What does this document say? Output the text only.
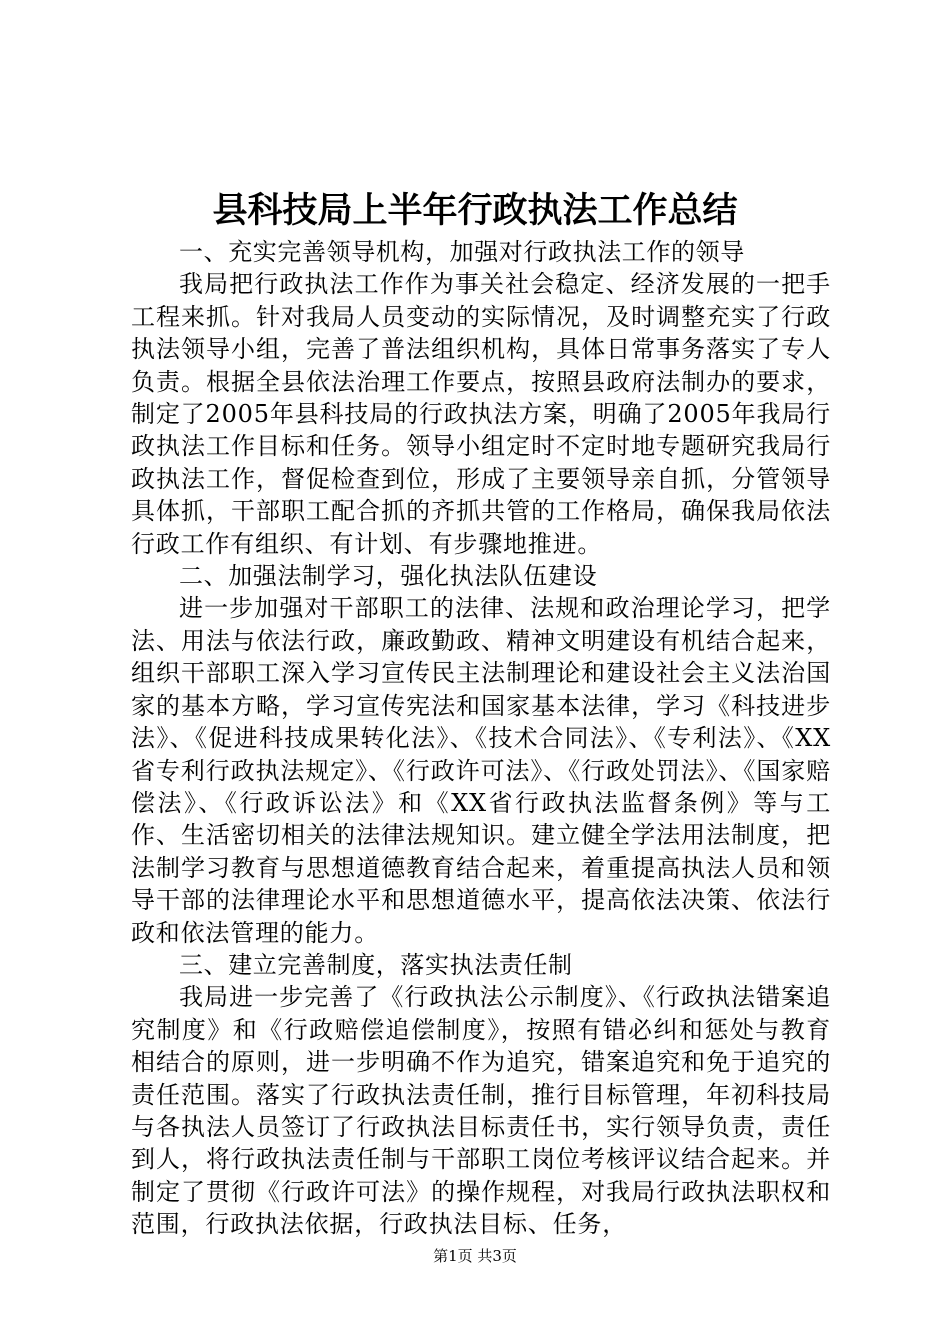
县科技局上半年行政执法工作总结

一、充实完善领导机构，加强对行政执法工作的领导

我局把行政执法工作作为事关社会稳定、经济发展的一把手工程来抓。针对我局人员变动的实际情况，及时调整充实了行政执法领导小组，完善了普法组织机构，具体日常事务落实了专人负责。根据全县依法治理工作要点，按照县政府法制办的要求，制定了2005年县科技局的行政执法方案，明确了2005年我局行政执法工作目标和任务。领导小组定时不定时地专题研究我局行政执法工作，督促检查到位，形成了主要领导亲自抓，分管领导具体抓，干部职工配合抓的齐抓共管的工作格局，确保我局依法行政工作有组织、有计划、有步骤地推进。

二、加强法制学习，强化执法队伍建设

进一步加强对干部职工的法律、法规和政治理论学习，把学法、用法与依法行政，廉政勤政、精神文明建设有机结合起来，组织干部职工深入学习宣传民主法制理论和建设社会主义法治国家的基本方略，学习宣传宪法和国家基本法律，学习《科技进步法》、《促进科技成果转化法》、《技术合同法》、《专利法》、《XX省专利行政执法规定》、《行政许可法》、《行政处罚法》、《国家赔偿法》、《行政诉讼法》和《XX省行政执法监督条例》等与工作、生活密切相关的法律法规知识。建立健全学法用法制度，把法制学习教育与思想道德教育结合起来，着重提高执法人员和领导干部的法律理论水平和思想道德水平，提高依法决策、依法行政和依法管理的能力。

三、建立完善制度，落实执法责任制

我局进一步完善了《行政执法公示制度》、《行政执法错案追究制度》和《行政赔偿追偿制度》，按照有错必纠和惩处与教育相结合的原则，进一步明确不作为追究，错案追究和免于追究的责任范围。落实了行政执法责任制，推行目标管理，年初科技局与各执法人员签订了行政执法目标责任书，实行领导负责，责任到人，将行政执法责任制与干部职工岗位考核评议结合起来。并制定了贯彻《行政许可法》的操作规程，对我局行政执法职权和范围，行政执法依据，行政执法目标、任务，

第1页 共3页
